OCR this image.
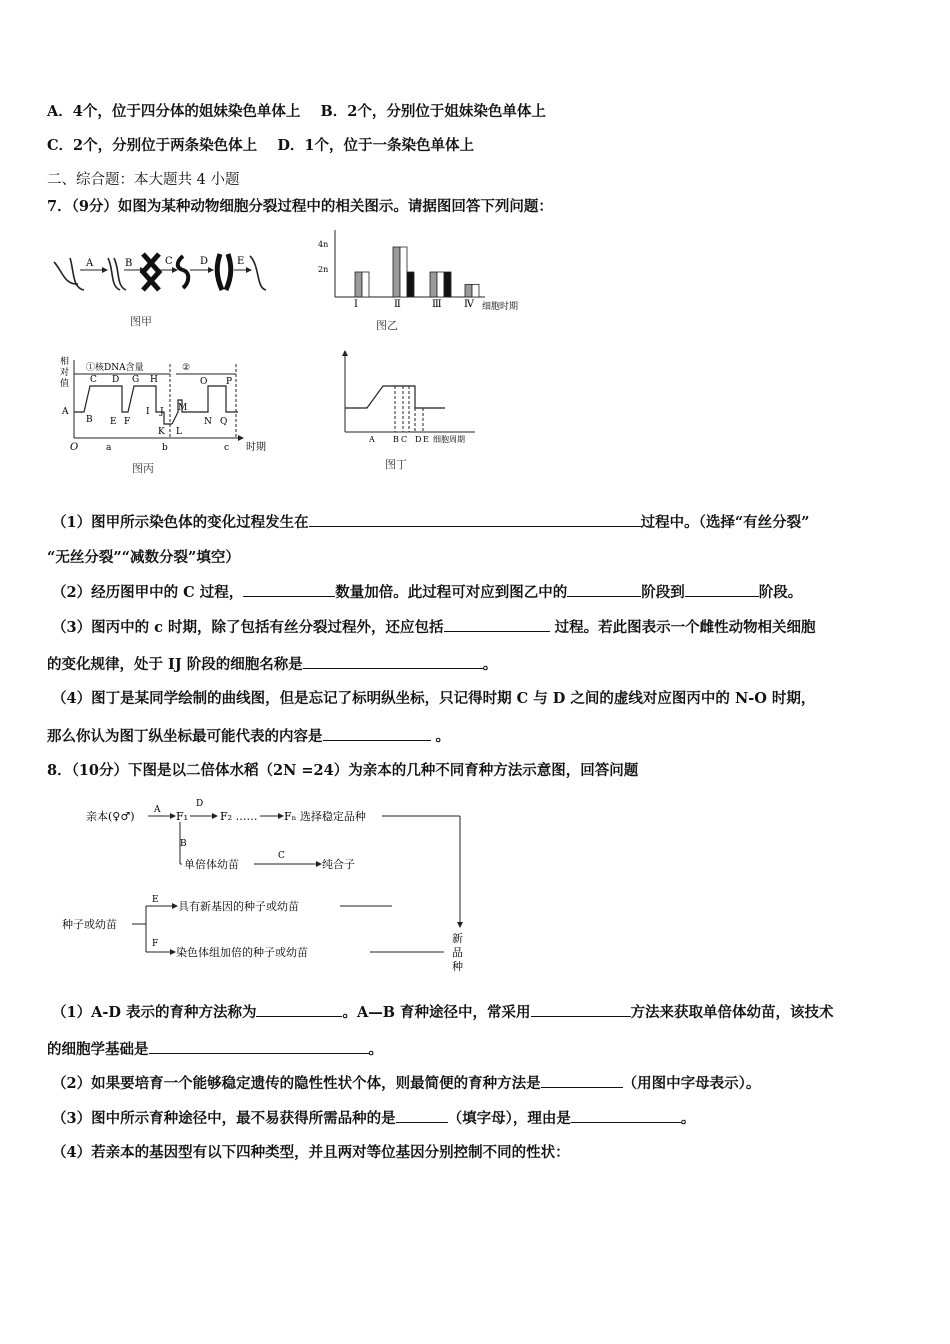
A．4个，位于四分体的姐妹染色单体上 B．2个，分别位于姐妹染色单体上
C．2个，分别位于两条染色体上 D．1个，位于一条染色单体上
二、综合题：本大题共 4 小题
7．（9分）如图为某种动物细胞分裂过程中的相关图示。请据图回答下列问题：
A	B	C	D	E
图甲
4n
2n
Ⅰ	Ⅱ	Ⅲ Ⅳ 细胞时期
图乙
相
对
值
O	时期
①核DNA含量	②
A
B
C D
E F
G H
I J
K L
M
N
O P
Q
a	b	c
图丙
A B C D E 细胞周期
图丁
（1）图甲所示染色体的变化过程发生在	过程中。（选择“有丝分裂”
“无丝分裂”“减数分裂”填空）
（2）经历图甲中的 C 过程，	数量加倍。此过程可对应到图乙中的	阶段到	阶段。
（3）图丙中的 c 时期，除了包括有丝分裂过程外，还应包括	过程。若此图表示一个雌性动物相关细胞
的变化规律，处于 IJ 阶段的细胞名称是	。
（4）图丁是某同学绘制的曲线图，但是忘记了标明纵坐标，只记得时期 C 与 D 之间的虚线对应图丙中的 N-O 时期，
那么你认为图丁纵坐标最可能代表的内容是	。
8．（10分）下图是以二倍体水稻（2N =24）为亲本的几种不同育种方法示意图，回答问题
亲本(♀♂) A F₁
D
F₂ …… Fₙ 选择稳定品种
B
单倍体幼苗
C
纯合子
种子或幼苗
E 具有新基因的种子或幼苗
F
染色体组加倍的种子或幼苗
新
品
种
（1）A-D 表示的育种方法称为	。A—B 育种途径中，常采用	方法来获取单倍体幼苗，该技术
的细胞学基础是	。
（2）如果要培育一个能够稳定遗传的隐性性状个体，则最简便的育种方法是	（用图中字母表示）。
（3）图中所示育种途径中，最不易获得所需品种的是	（填字母），理由是	。
（4）若亲本的基因型有以下四种类型，并且两对等位基因分别控制不同的性状：
